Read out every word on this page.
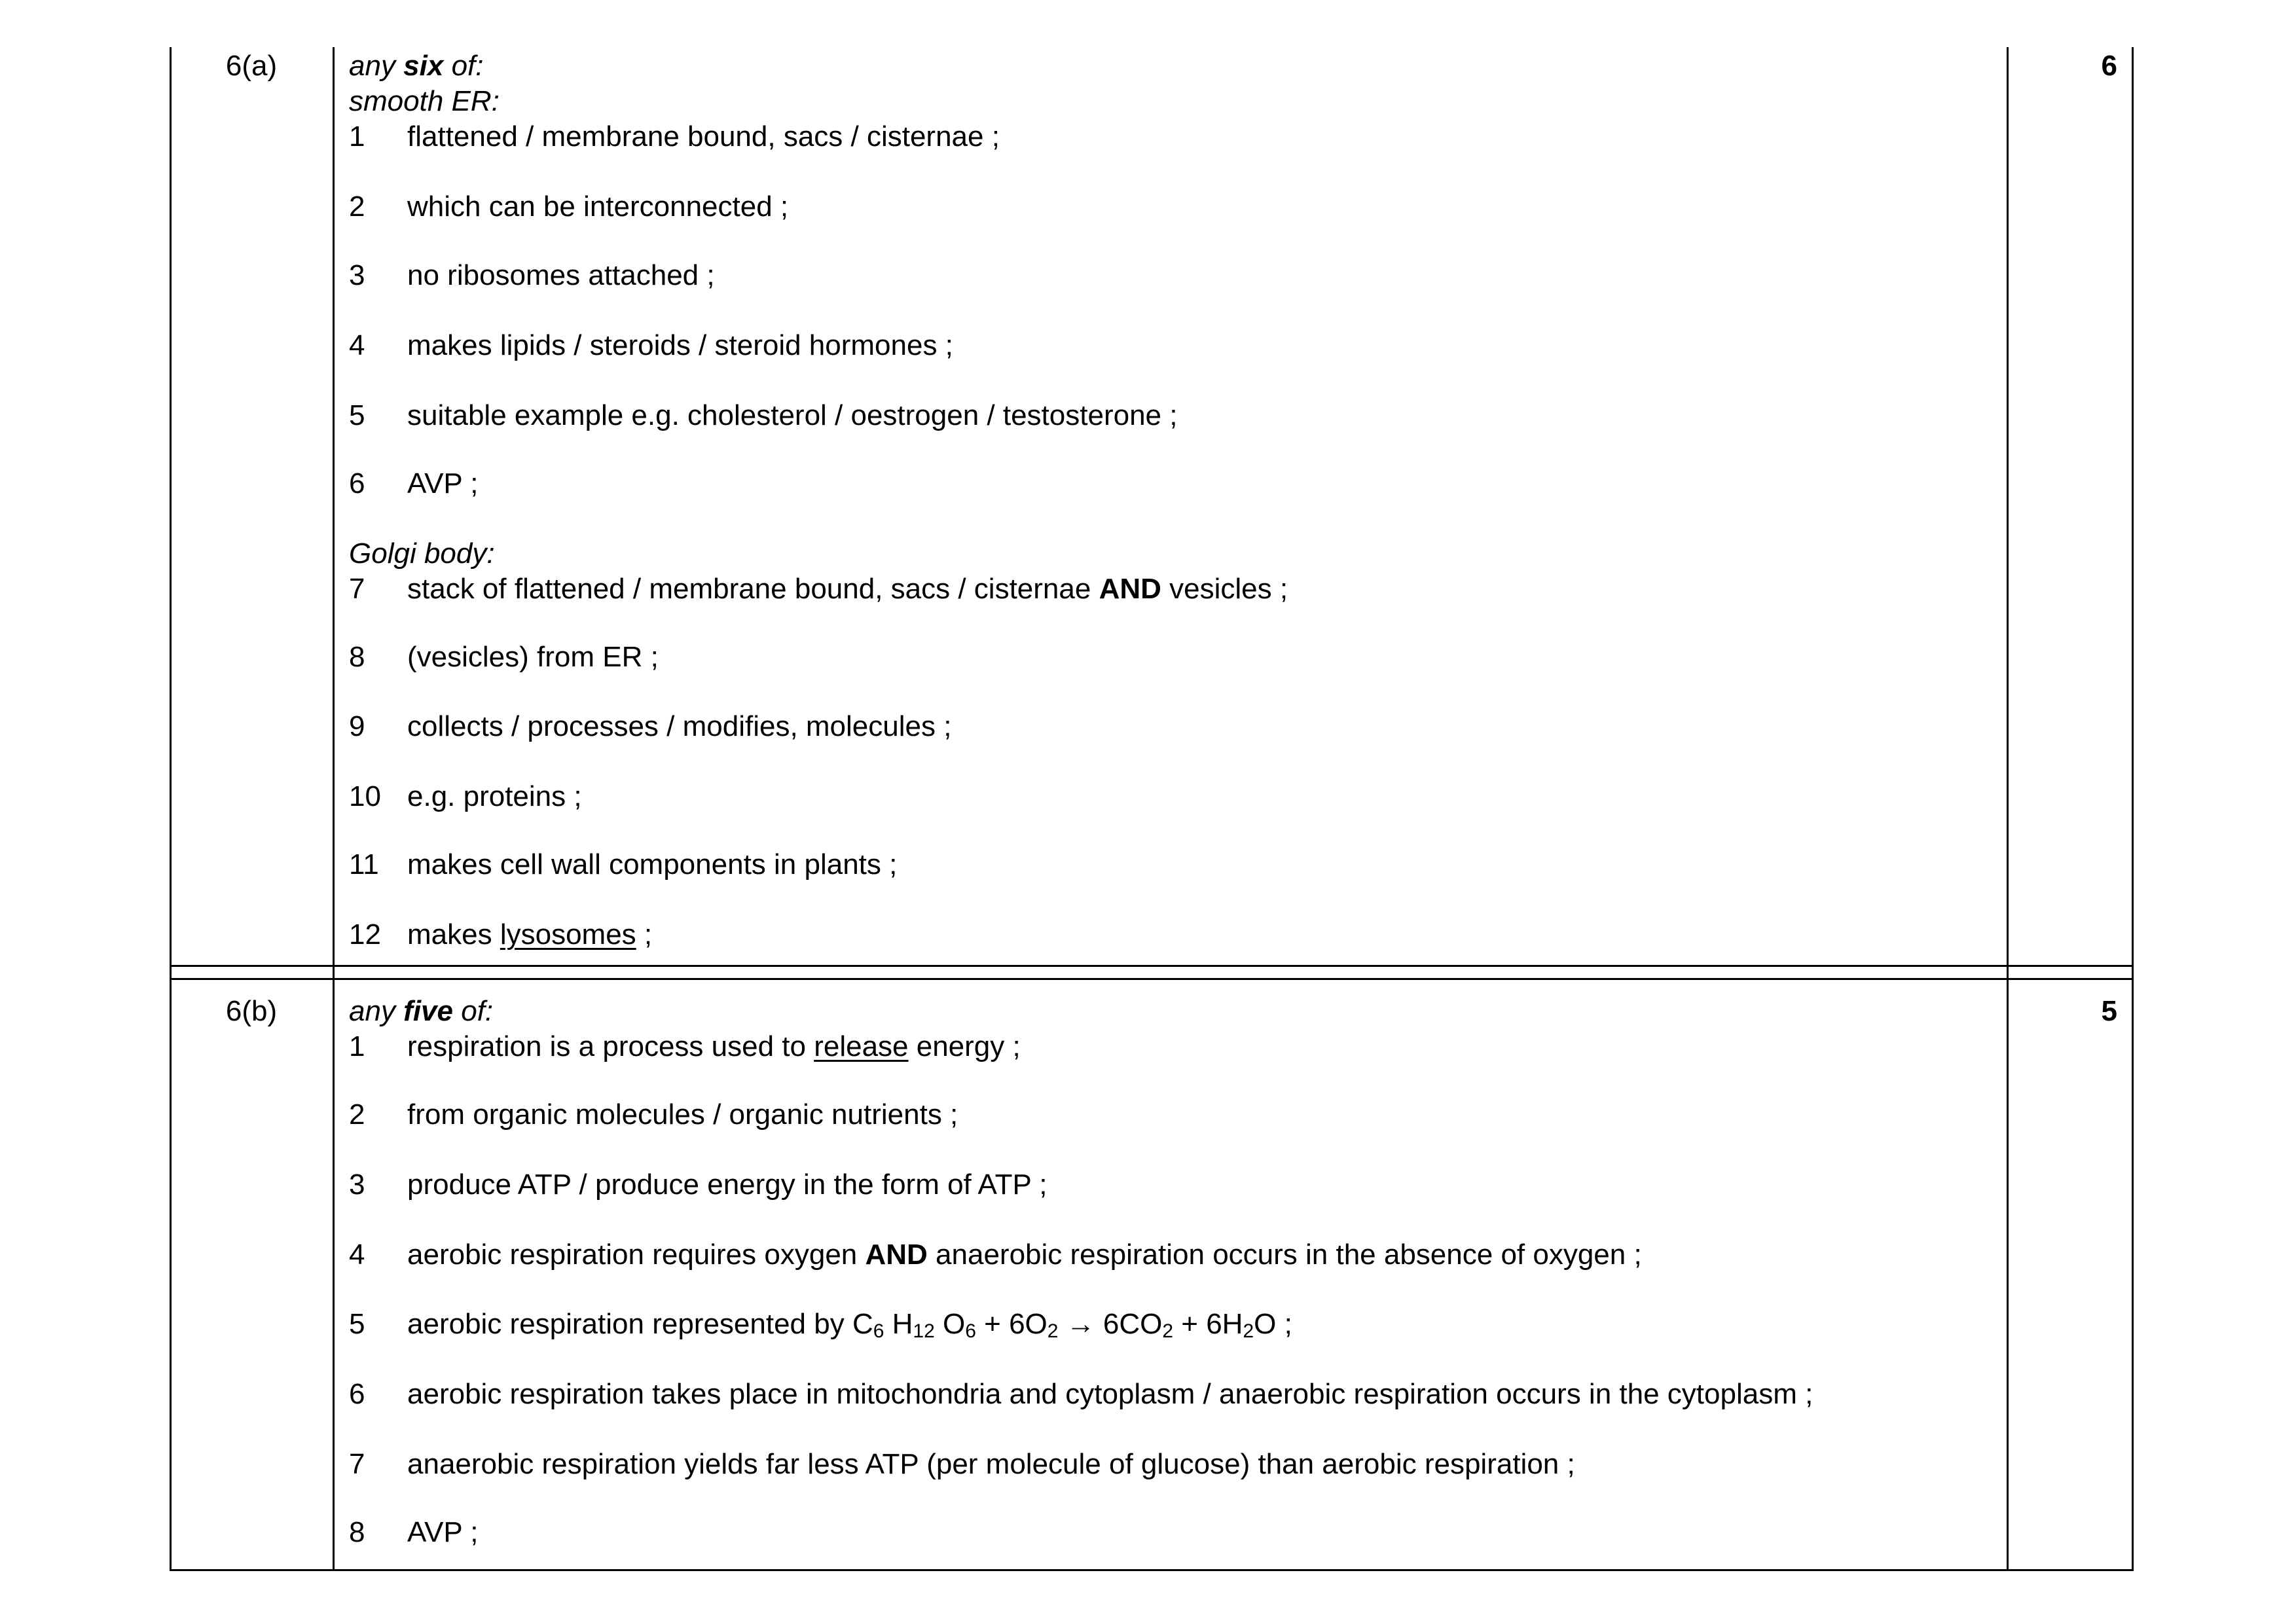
6(a)	6
any six of:
smooth ER:
1 flattened / membrane bound, sacs / cisternae ;
2 which can be interconnected ;
3 no ribosomes attached ;
4 makes lipids / steroids / steroid hormones ;
5 suitable example e.g. cholesterol / oestrogen / testosterone ;
6 AVP ;
Golgi body:
7 stack of flattened / membrane bound, sacs / cisternae AND vesicles ;
8 (vesicles) from ER ;
9 collects / processes / modifies, molecules ;
10 e.g. proteins ;
11 makes cell wall components in plants ;
12 makes lysosomes ;
6(b)	5
any five of:
1 respiration is a process used to release energy ;
2 from organic molecules / organic nutrients ;
3 produce ATP / produce energy in the form of ATP ;
4 aerobic respiration requires oxygen AND anaerobic respiration occurs in the absence of oxygen ;
5 aerobic respiration represented by $C_6$ $H_{12}$ $O_6 + 6O_2 \to 6CO_2 + 6H_2O$ ;
6 aerobic respiration takes place in mitochondria and cytoplasm / anaerobic respiration occurs in the cytoplasm ;
7 anaerobic respiration yields far less ATP (per molecule of glucose) than aerobic respiration ;
8 AVP ;
